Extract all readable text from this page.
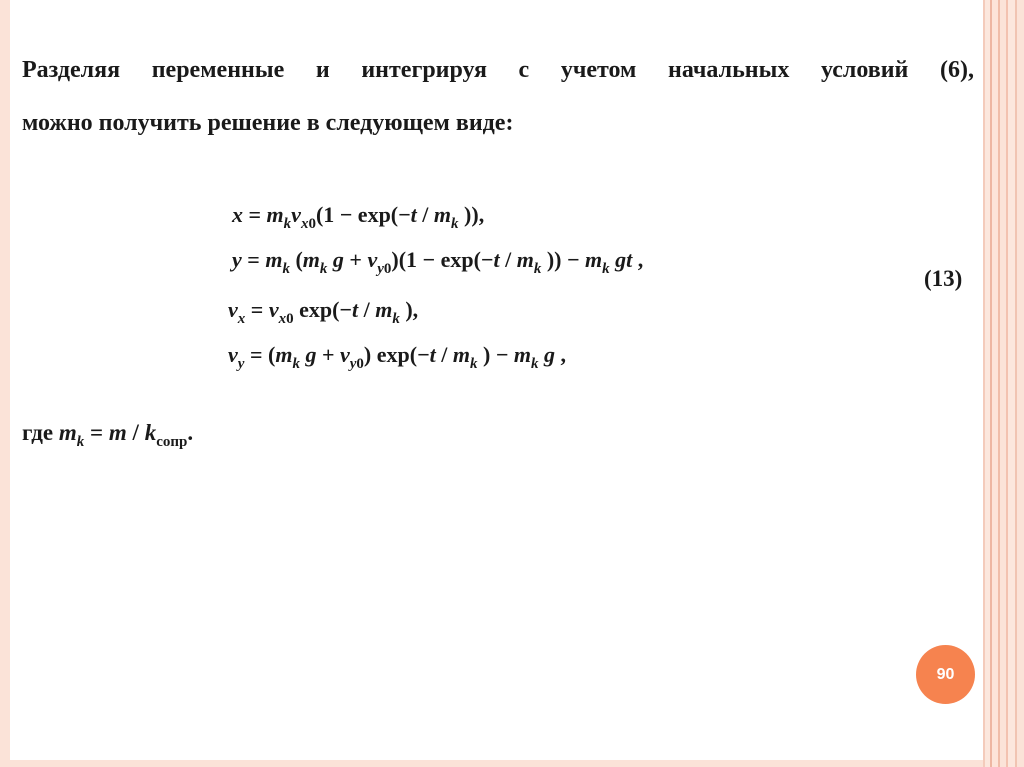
Разделяя переменные и интегрируя с учетом начальных условий (6),

можно получить решение в следующем виде:

$x = m_kv_{x0}(1 - \exp(-t / m_k$ )),
$y = m_k$ ($m_k$ $g + v_{y0})(1 - \exp(-t / m_k$ )) − $m_k$ gt ,
$v_x = v_{x0}$ $\exp(-t / m_k$ ),
$v_y = (m_k$ $g + v_{y0}$) $\exp(-t / m_k$ ) − $m_k$ g ,
(13)
где $m_k = m / k_{сопр}$.
90
